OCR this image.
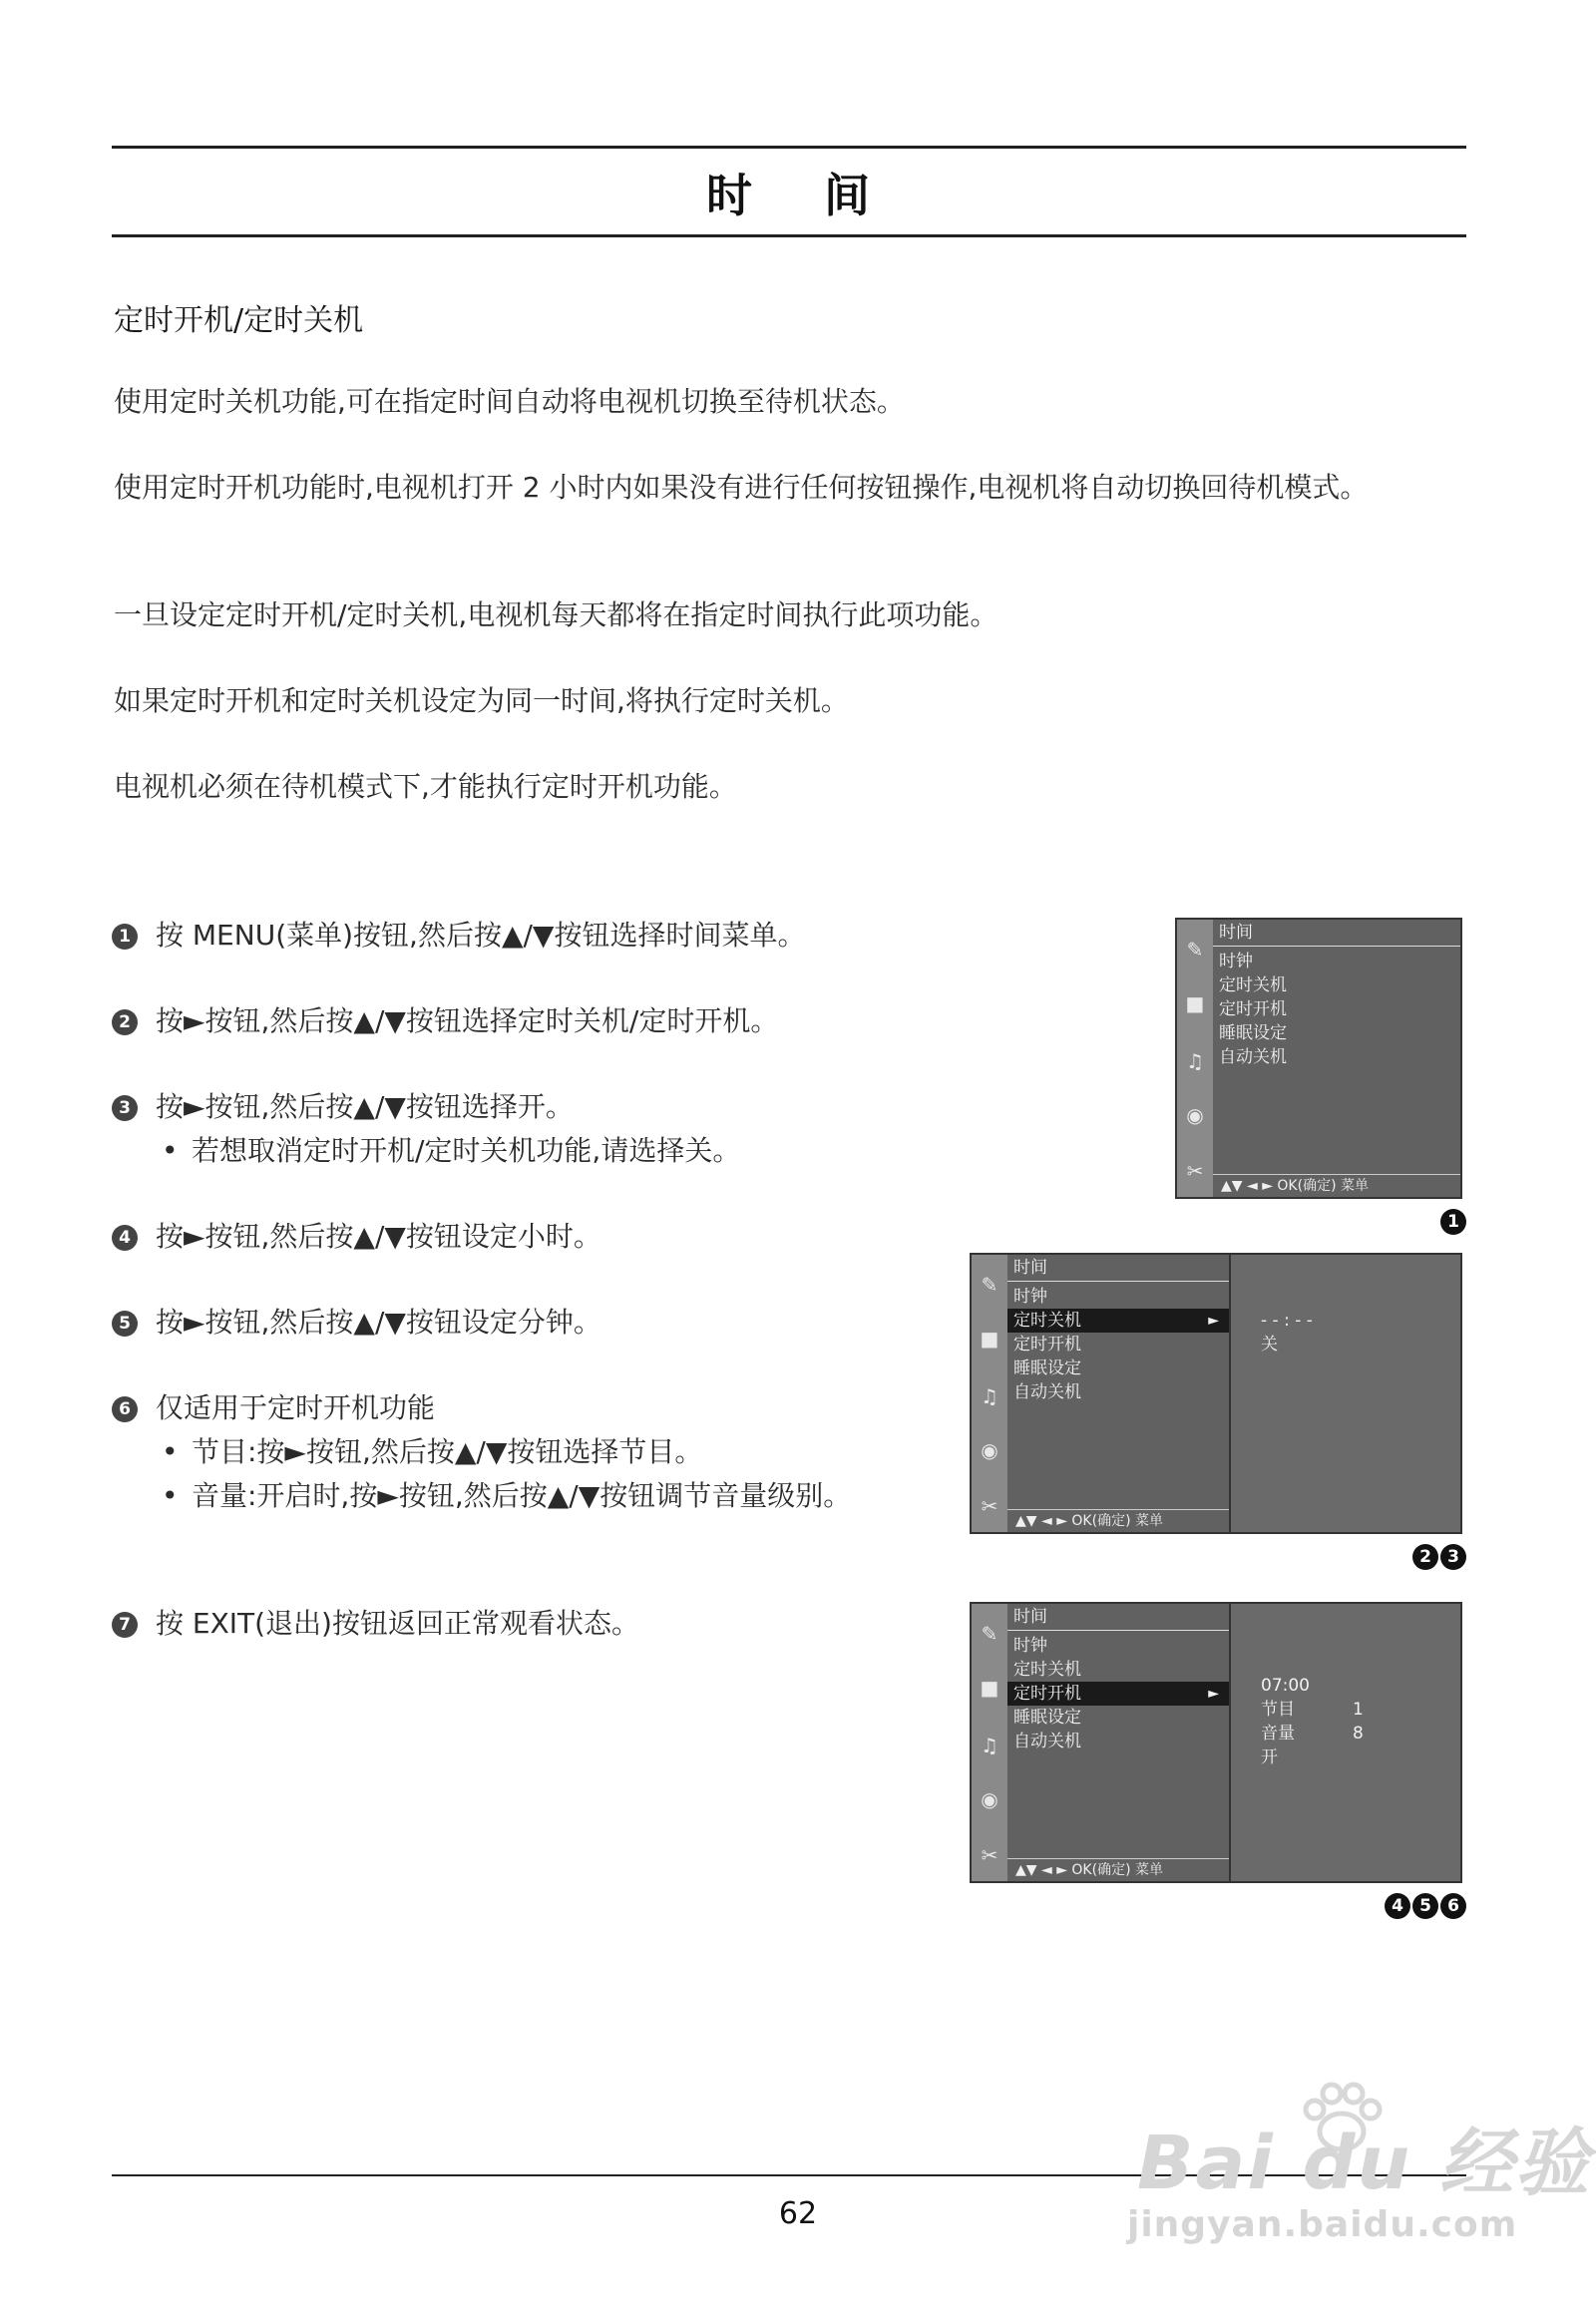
时 间
定时开机/定时关机
使用定时关机功能,可在指定时间自动将电视机切换至待机状态。
使用定时开机功能时,电视机打开 2 小时内如果没有进行任何按钮操作,电视机将自动切换回待机模式。
一旦设定定时开机/定时关机,电视机每天都将在指定时间执行此项功能。
如果定时开机和定时关机设定为同一时间,将执行定时关机。
电视机必须在待机模式下,才能执行定时开机功能。
1 按 MENU(菜单)按钮,然后按▲/▼按钮选择时间菜单。
2 按►按钮,然后按▲/▼按钮选择定时关机/定时开机。
3 按►按钮,然后按▲/▼按钮选择开。
• 若想取消定时开机/定时关机功能,请选择关。
4 按►按钮,然后按▲/▼按钮设定小时。
5 按►按钮,然后按▲/▼按钮设定分钟。
6 仅适用于定时开机功能
• 节目:按►按钮,然后按▲/▼按钮选择节目。
• 音量:开启时,按►按钮,然后按▲/▼按钮调节音量级别。
7 按 EXIT(退出)按钮返回正常观看状态。
✎
■
♫
◉
✂
时间
时钟
定时关机
定时开机
睡眠设定
自动关机
▲▼ ◄ ► OK(确定) 菜单
1
✎
■
♫
◉
✂
时间
时钟
定时关机	►
定时开机
睡眠设定
自动关机
▲▼ ◄ ► OK(确定) 菜单
- - : - -
关
2 3
✎
■
♫
◉
✂
时间
时钟
定时关机
定时开机	►
睡眠设定
自动关机
▲▼ ◄ ► OK(确定) 菜单
07:00
节目	1
音量	8
开
4 5 6
62
Bai du 经验
jingyan.baidu.com
